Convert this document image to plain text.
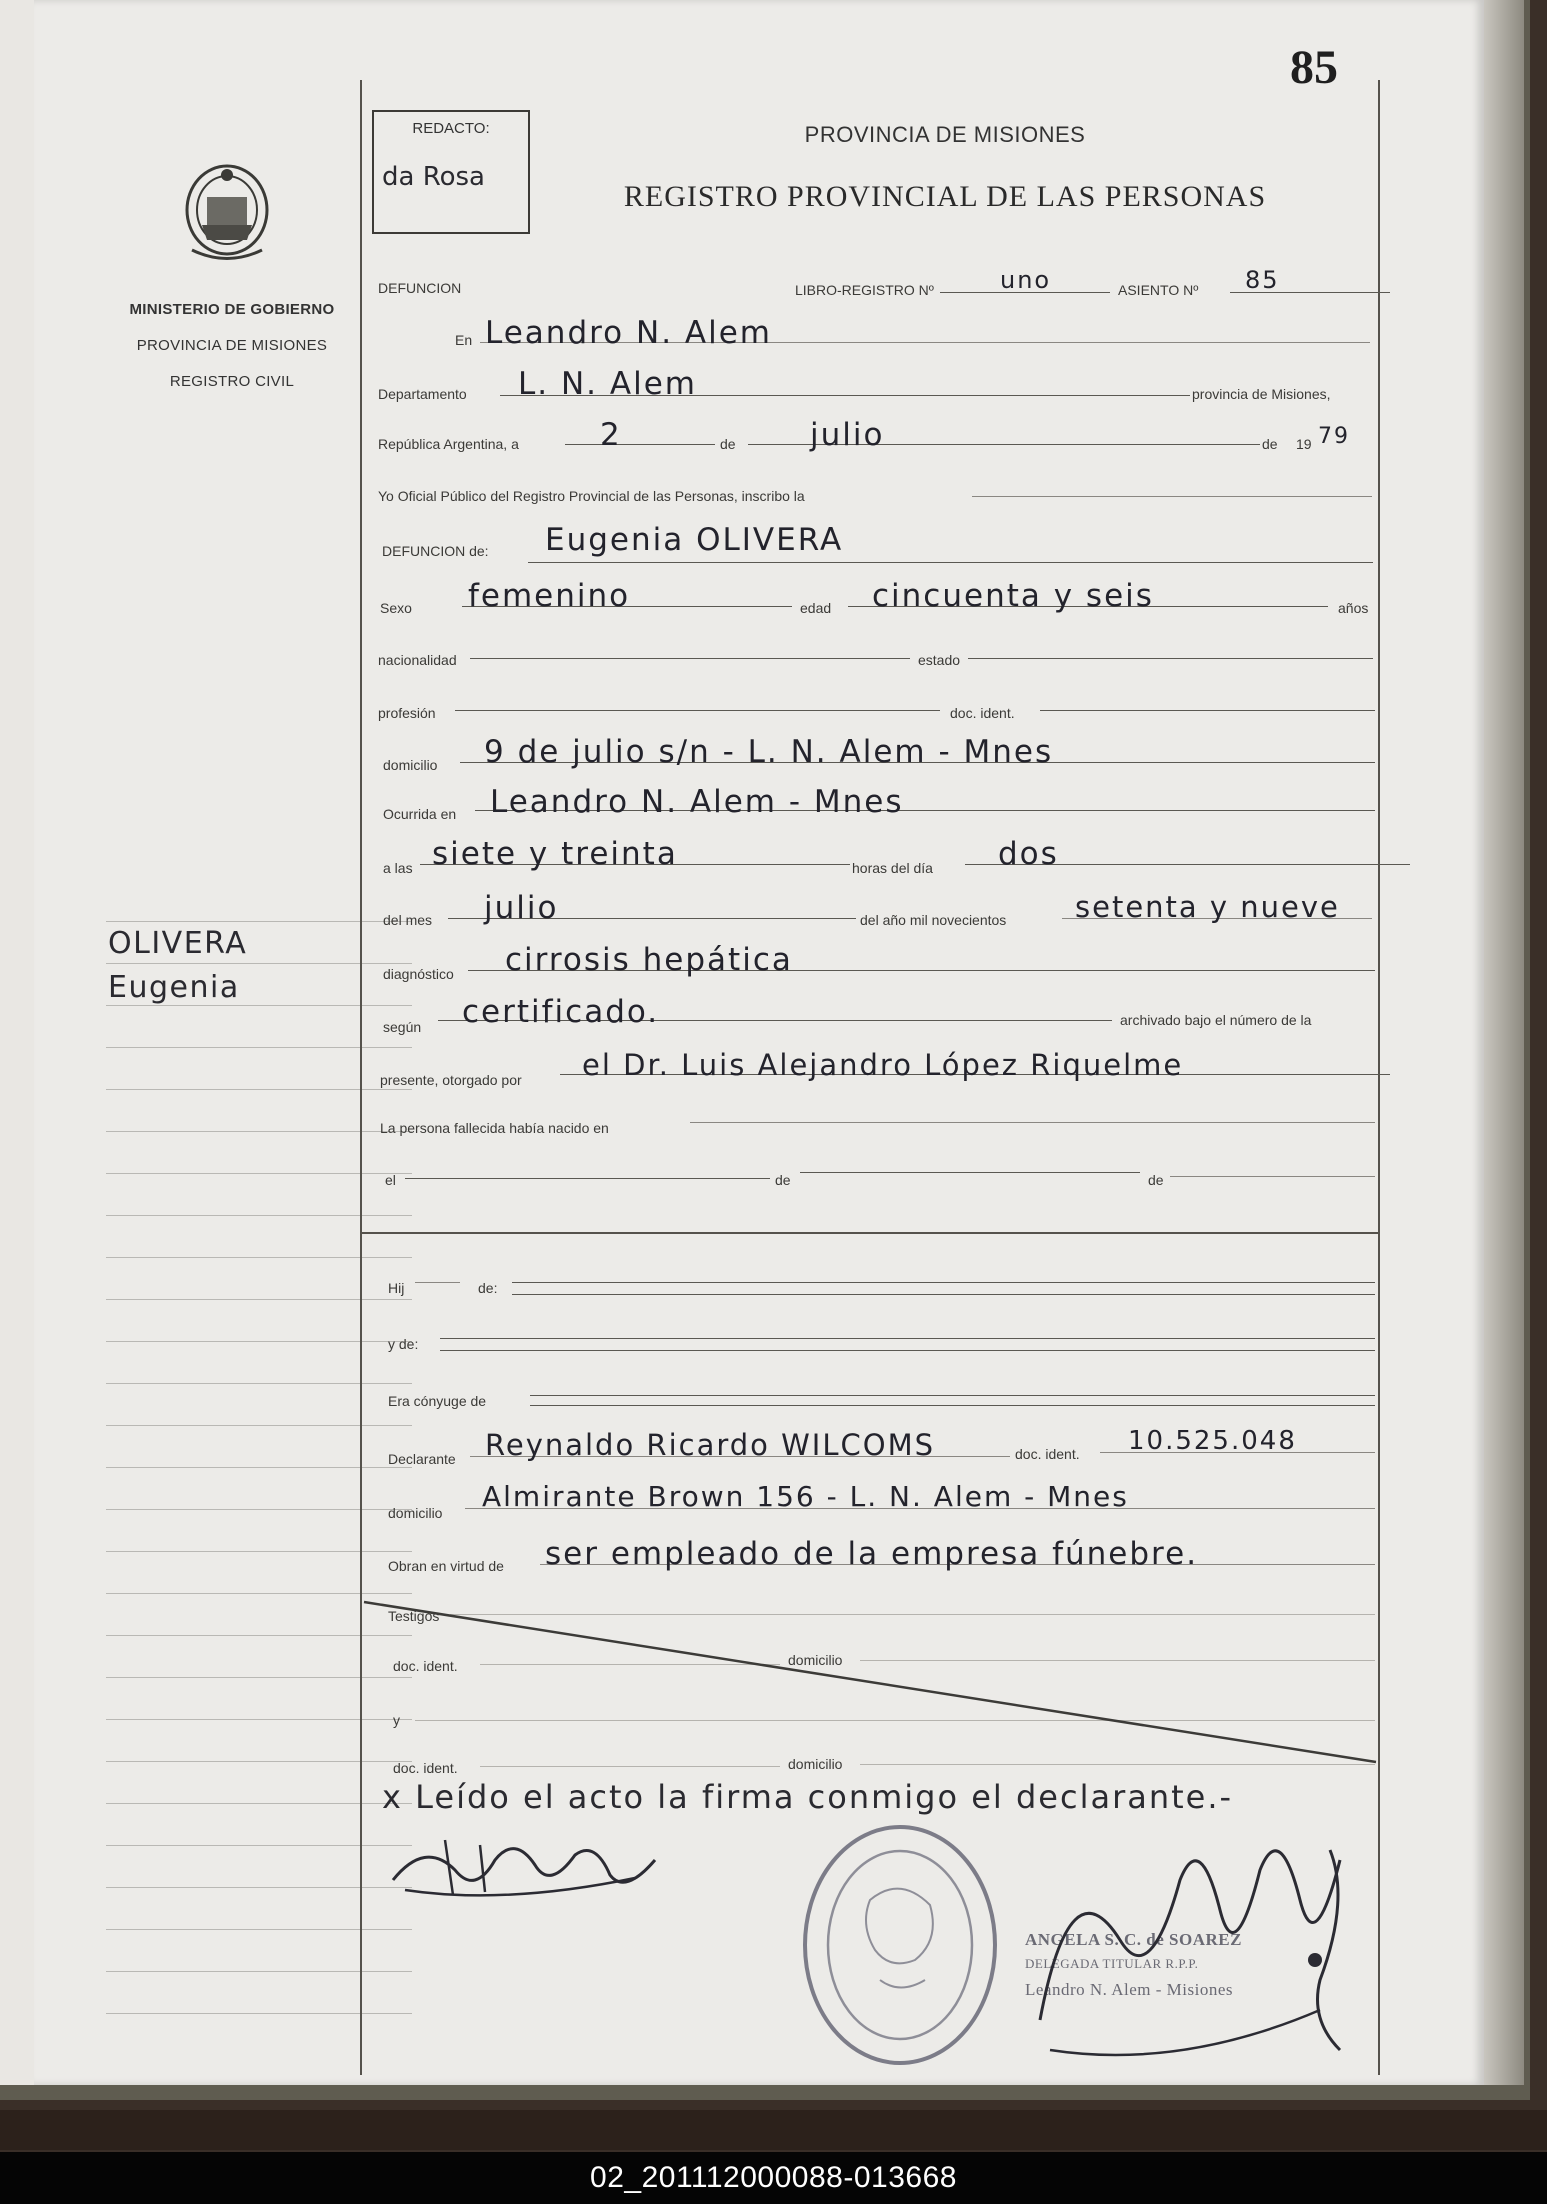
MINISTERIO DE GOBIERNO
PROVINCIA DE MISIONES
REGISTRO CIVIL
OLIVERA
Eugenia
85
REDACTO:
da Rosa
PROVINCIA DE MISIONES
REGISTRO PROVINCIAL DE LAS PERSONAS
DEFUNCION	LIBRO-REGISTRO Nº	uno	ASIENTO Nº 85
En Leandro N. Alem
Departamento L. N. Alem	provincia de Misiones,
República Argentina, a	2	de julio	de 19 79
Yo Oficial Público del Registro Provincial de las Personas, inscribo la
DEFUNCION de: Eugenia OLIVERA
Sexo femenino	edad cincuenta y seis	años
nacionalidad	estado
profesión	doc. ident.
domicilio 9 de julio s/n - L. N. Alem - Mnes
Ocurrida en Leandro N. Alem - Mnes
a las siete y treinta	horas del día dos
del mes julio	del año mil novecientos setenta y nueve
diagnóstico cirrosis hepática
según certificado.	archivado bajo el número de la
presente, otorgado por el Dr. Luis Alejandro López Riquelme
La persona fallecida había nacido en
el	de	de
Hij	de:
y de:
Era cónyuge de
Declarante Reynaldo Ricardo WILCOMS	doc. ident. 10.525.048
domicilio Almirante Brown 156 - L. N. Alem - Mnes
Obran en virtud de ser empleado de la empresa fúnebre.
Testigos
doc. ident.	domicilio
y
doc. ident.	domicilio
x Leído el acto la firma conmigo el declarante.-
ANGELA S. C. de SOAREZ
DELEGADA TITULAR R.P.P.
Leandro N. Alem - Misiones
02_201112000088-013668
